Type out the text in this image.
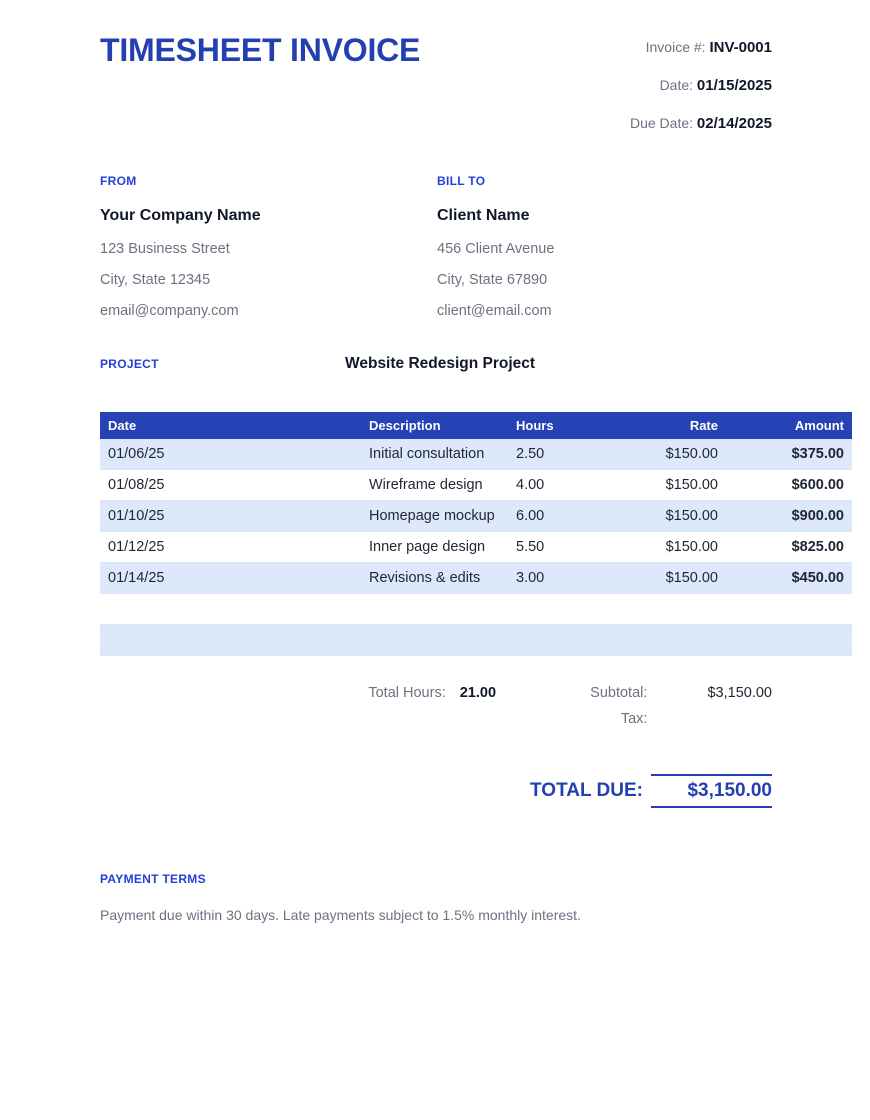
TIMESHEET INVOICE	Invoice #: INV-0001
Date: 01/15/2025
Due Date: 02/14/2025
FROM
Your Company Name
123 Business Street
City, State 12345
email@company.com
BILL TO
Client Name
456 Client Avenue
City, State 67890
client@email.com
PROJECT	Website Redesign Project
Date	Description	Hours	Rate	Amount
01/06/25	Initial consultation	2.50	$150.00	$375.00
01/08/25	Wireframe design	4.00	$150.00	$600.00
01/10/25	Homepage mockup	6.00	$150.00	$900.00
01/12/25	Inner page design	5.50	$150.00	$825.00
01/14/25	Revisions & edits	3.00	$150.00	$450.00

Total Hours: 21.00	Subtotal:	$3,150.00
Tax:
TOTAL DUE:	$3,150.00
PAYMENT TERMS
Payment due within 30 days. Late payments subject to 1.5% monthly interest.
